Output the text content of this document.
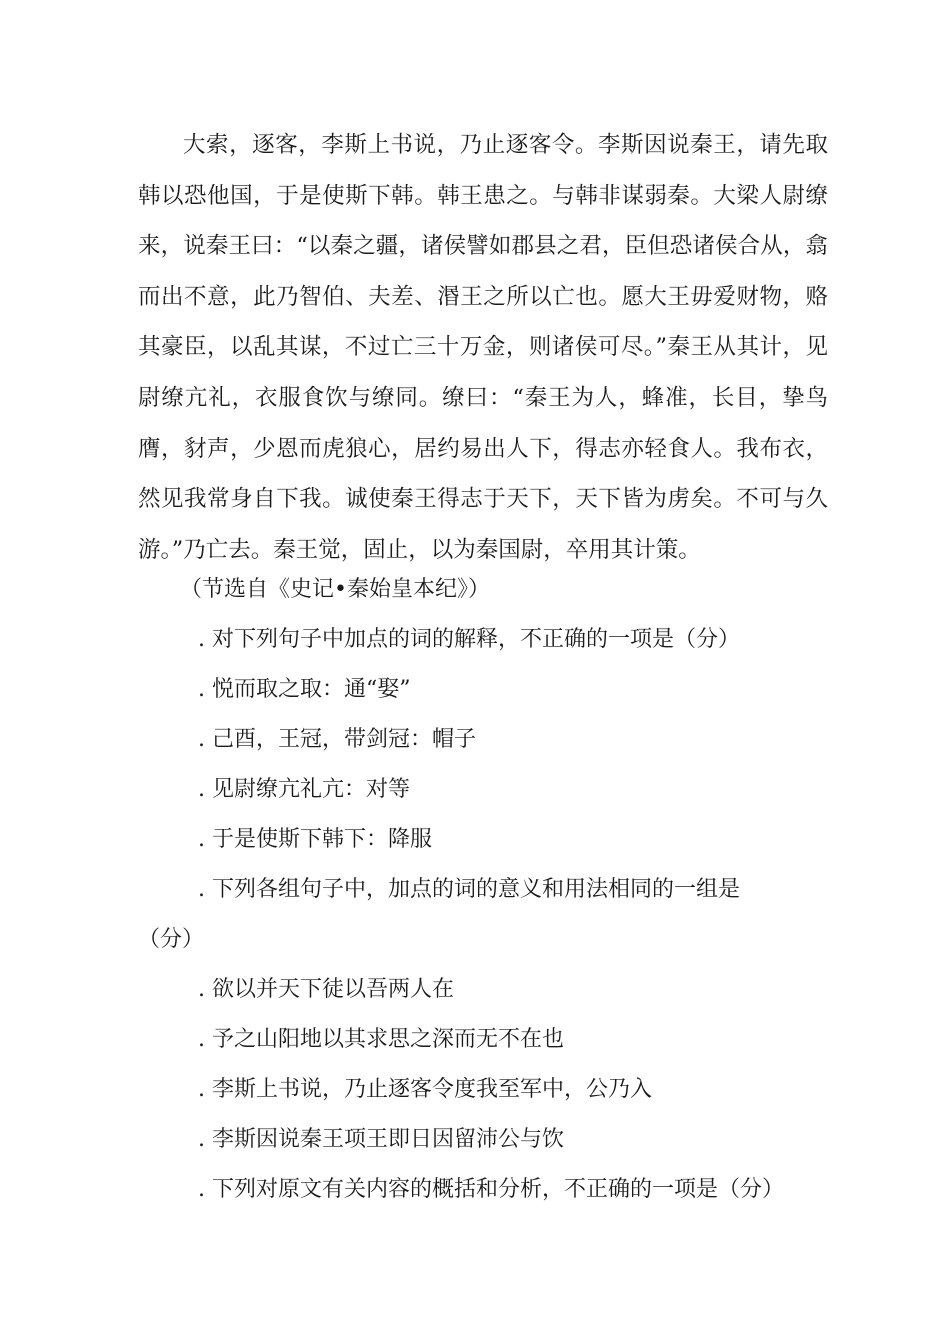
大索，逐客，李斯上书说，乃止逐客令。李斯因说秦王，请先取韩以恐他国，于是使斯下韩。韩王患之。与韩非谋弱秦。大梁人尉缭来，说秦王曰：“以秦之疆，诸侯譬如郡县之君，臣但恐诸侯合从，翕而出不意，此乃智伯、夫差、湣王之所以亡也。愿大王毋爱财物，赂其豪臣，以乱其谋，不过亡三十万金，则诸侯可尽。”秦王从其计，见尉缭亢礼，衣服食饮与缭同。缭曰：“秦王为人，蜂准，长目，挚鸟膺，豺声，少恩而虎狼心，居约易出人下，得志亦轻食人。我布衣，然见我常身自下我。诚使秦王得志于天下，天下皆为虏矣。不可与久游。”乃亡去。秦王觉，固止，以为秦国尉，卒用其计策。

（节选自《史记•秦始皇本纪》）
. 对下列句子中加点的词的解释，不正确的一项是（分）
. 悦而取之取：通“娶”
. 己酉，王冠，带剑冠：帽子
. 见尉缭亢礼亢：对等
. 于是使斯下韩下：降服
. 下列各组句子中，加点的词的意义和用法相同的一组是
（分）
. 欲以并天下徒以吾两人在
. 予之山阳地以其求思之深而无不在也
. 李斯上书说，乃止逐客令度我至军中，公乃入
. 李斯因说秦王项王即日因留沛公与饮
. 下列对原文有关内容的概括和分析，不正确的一项是（分）
